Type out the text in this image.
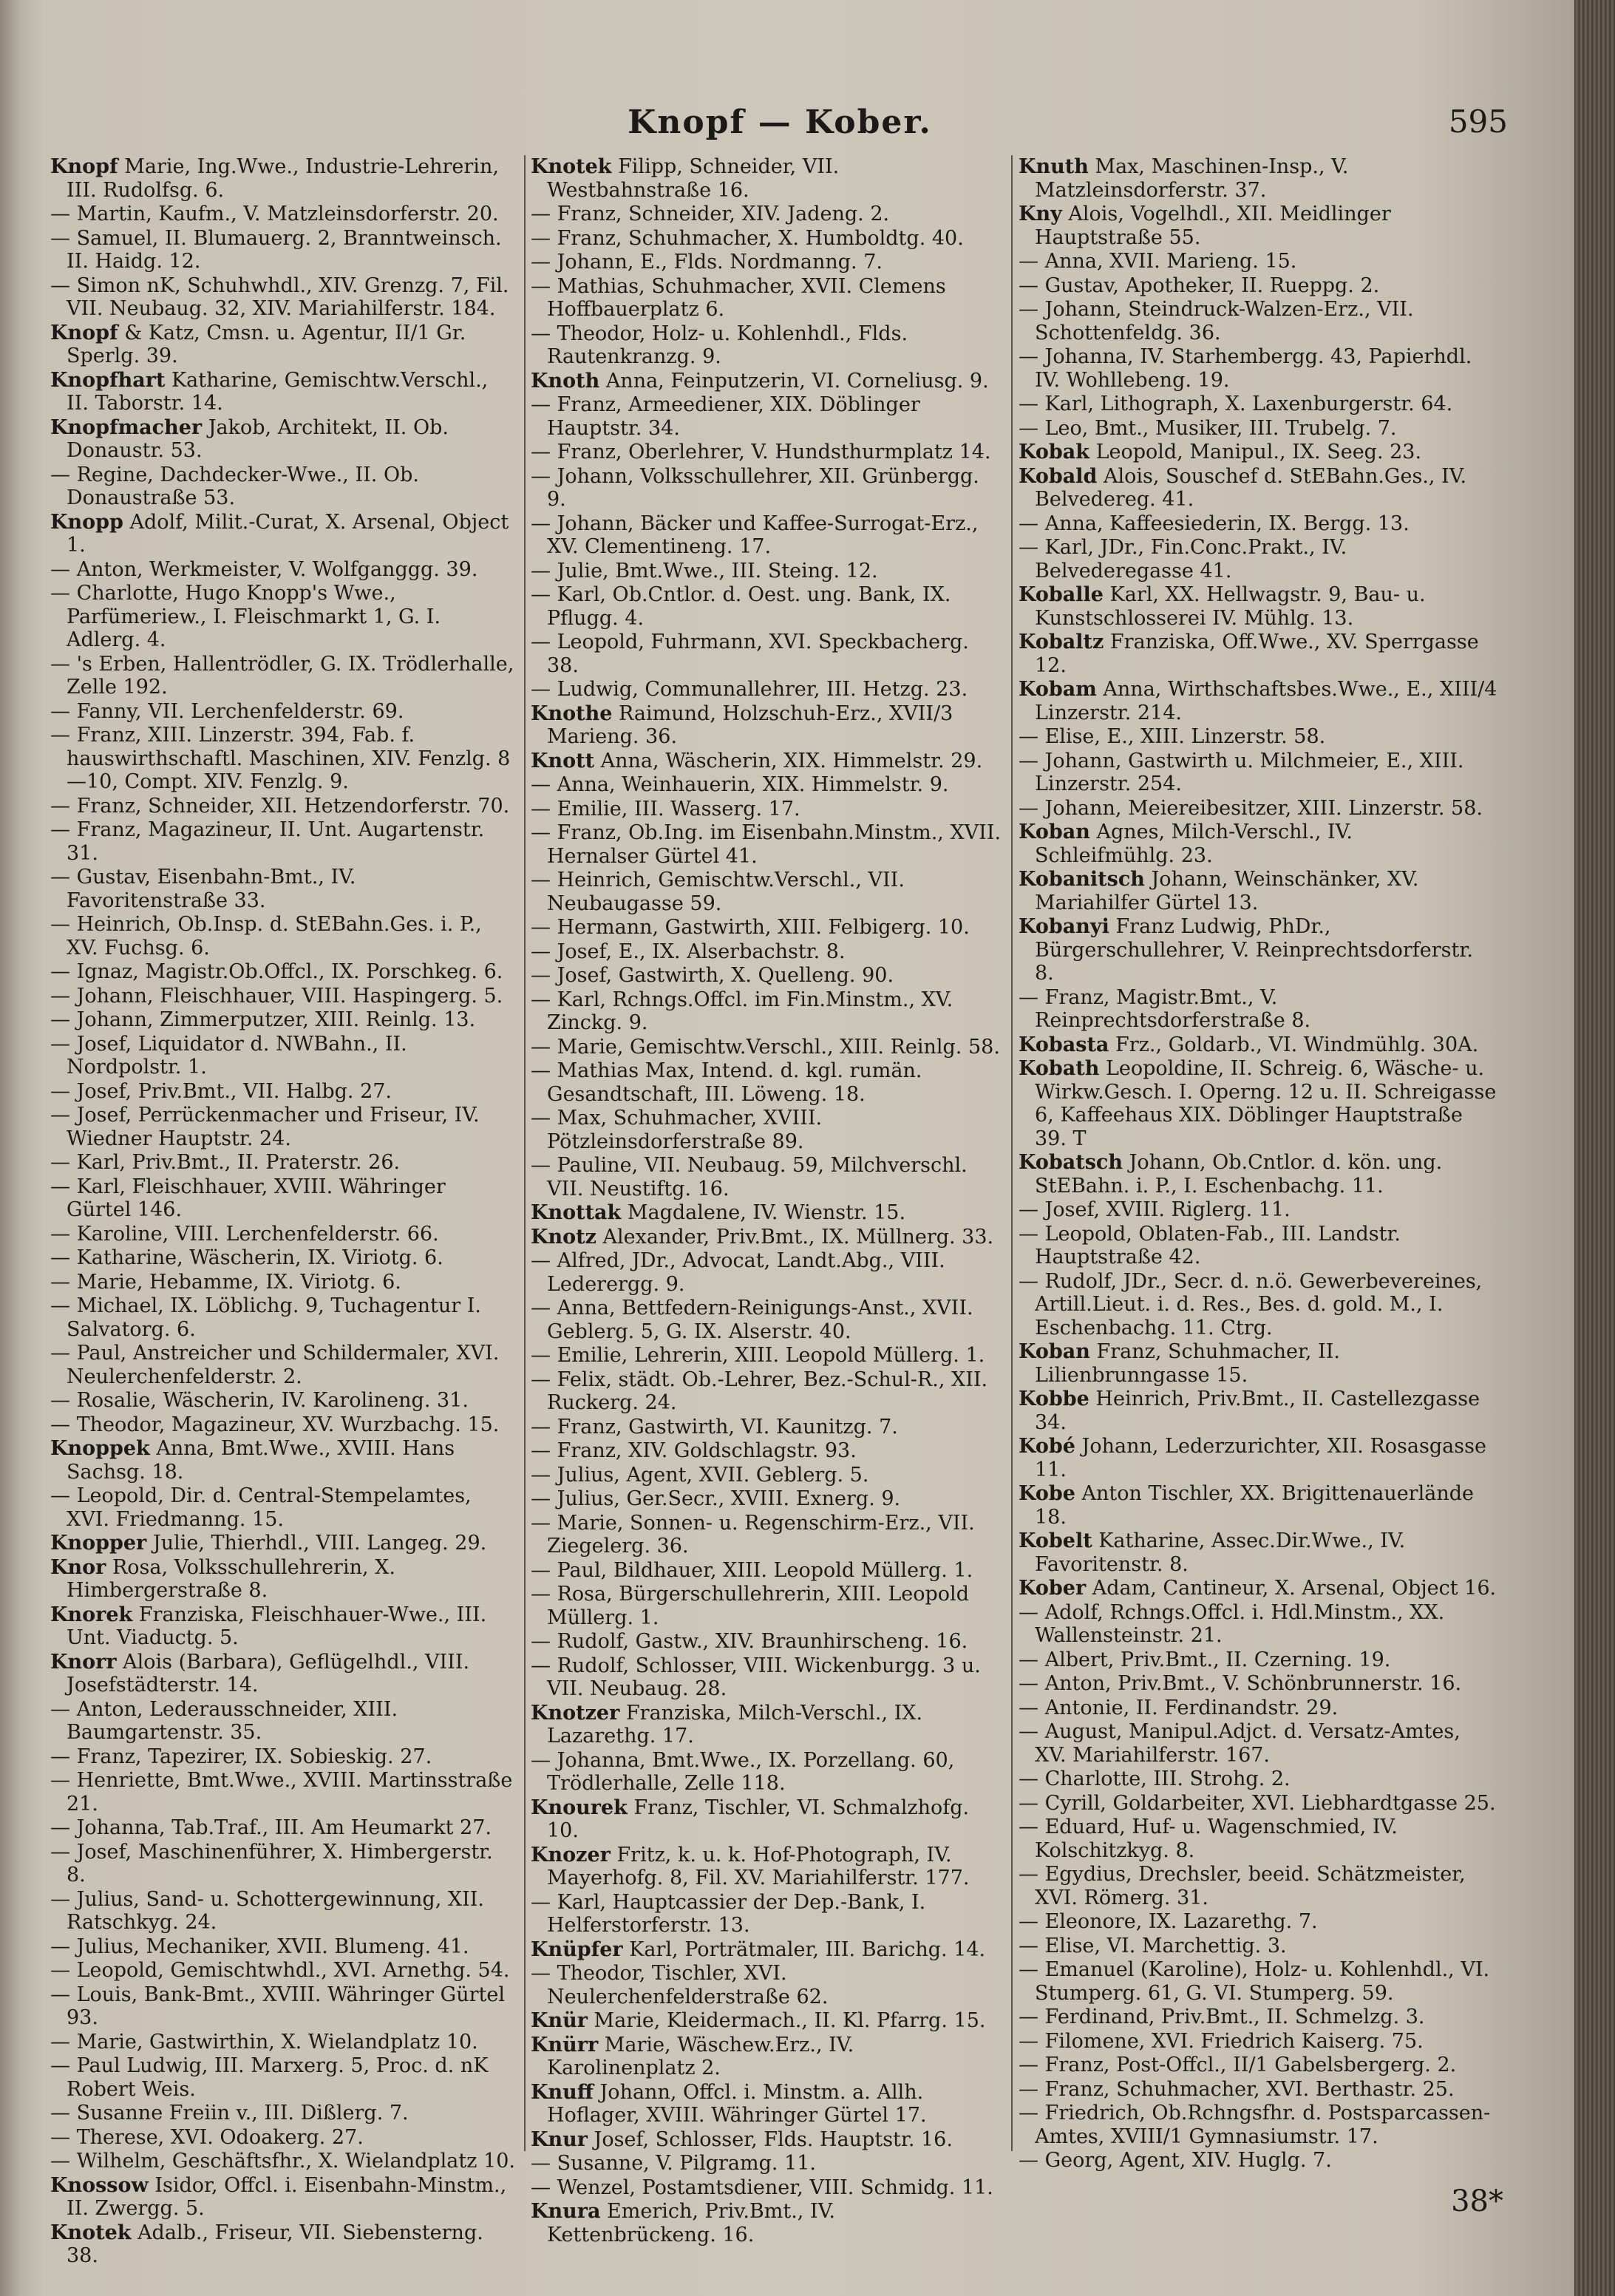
Knopf — Kober.	595
Knopf Marie, Ing.Wwe., Industrie-Lehrerin, III. Rudolfsg. 6.
— Martin, Kaufm., V. Matzleinsdorferstr. 20.
— Samuel, II. Blumauerg. 2, Branntweinsch. II. Haidg. 12.
— Simon nK, Schuhwhdl., XIV. Grenzg. 7, Fil. VII. Neubaug. 32, XIV. Mariahilferstr. 184.
Knopf & Katz, Cmsn. u. Agentur, II/1 Gr. Sperlg. 39.
Knopfhart Katharine, Gemischtw.Verschl., II. Taborstr. 14.
Knopfmacher Jakob, Architekt, II. Ob. Donaustr. 53.
— Regine, Dachdecker-Wwe., II. Ob. Donaustraße 53.
Knopp Adolf, Milit.-Curat, X. Arsenal, Object 1.
— Anton, Werkmeister, V. Wolfganggg. 39.
— Charlotte, Hugo Knopp's Wwe., Parfümeriew., I. Fleischmarkt 1, G. I. Adlerg. 4.
— 's Erben, Hallentrödler, G. IX. Trödlerhalle, Zelle 192.
— Fanny, VII. Lerchenfelderstr. 69.
— Franz, XIII. Linzerstr. 394, Fab. f. hauswirthschaftl. Maschinen, XIV. Fenzlg. 8—10, Compt. XIV. Fenzlg. 9.
— Franz, Schneider, XII. Hetzendorferstr. 70.
— Franz, Magazineur, II. Unt. Augartenstr. 31.
— Gustav, Eisenbahn-Bmt., IV. Favoritenstraße 33.
— Heinrich, Ob.Insp. d. StEBahn.Ges. i. P., XV. Fuchsg. 6.
— Ignaz, Magistr.Ob.Offcl., IX. Porschkeg. 6.
— Johann, Fleischhauer, VIII. Haspingerg. 5.
— Johann, Zimmerputzer, XIII. Reinlg. 13.
— Josef, Liquidator d. NWBahn., II. Nordpolstr. 1.
— Josef, Priv.Bmt., VII. Halbg. 27.
— Josef, Perrückenmacher und Friseur, IV. Wiedner Hauptstr. 24.
— Karl, Priv.Bmt., II. Praterstr. 26.
— Karl, Fleischhauer, XVIII. Währinger Gürtel 146.
— Karoline, VIII. Lerchenfelderstr. 66.
— Katharine, Wäscherin, IX. Viriotg. 6.
— Marie, Hebamme, IX. Viriotg. 6.
— Michael, IX. Löblichg. 9, Tuchagentur I. Salvatorg. 6.
— Paul, Anstreicher und Schildermaler, XVI. Neulerchenfelderstr. 2.
— Rosalie, Wäscherin, IV. Karolineng. 31.
— Theodor, Magazineur, XV. Wurzbachg. 15.
Knoppek Anna, Bmt.Wwe., XVIII. Hans Sachsg. 18.
— Leopold, Dir. d. Central-Stempelamtes, XVI. Friedmanng. 15.
Knopper Julie, Thierhdl., VIII. Langeg. 29.
Knor Rosa, Volksschullehrerin, X. Himbergerstraße 8.
Knorek Franziska, Fleischhauer-Wwe., III. Unt. Viaductg. 5.
Knorr Alois (Barbara), Geflügelhdl., VIII. Josefstädterstr. 14.
— Anton, Lederausschneider, XIII. Baumgartenstr. 35.
— Franz, Tapezirer, IX. Sobieskig. 27.
— Henriette, Bmt.Wwe., XVIII. Martinsstraße 21.
— Johanna, Tab.Traf., III. Am Heumarkt 27.
— Josef, Maschinenführer, X. Himbergerstr. 8.
— Julius, Sand- u. Schottergewinnung, XII. Ratschkyg. 24.
— Julius, Mechaniker, XVII. Blumeng. 41.
— Leopold, Gemischtwhdl., XVI. Arnethg. 54.
— Louis, Bank-Bmt., XVIII. Währinger Gürtel 93.
— Marie, Gastwirthin, X. Wielandplatz 10.
— Paul Ludwig, III. Marxerg. 5, Proc. d. nK Robert Weis.
— Susanne Freiin v., III. Dißlerg. 7.
— Therese, XVI. Odoakerg. 27.
— Wilhelm, Geschäftsfhr., X. Wielandplatz 10.
Knossow Isidor, Offcl. i. Eisenbahn-Minstm., II. Zwergg. 5.
Knotek Adalb., Friseur, VII. Siebensterng. 38.
Knotek Filipp, Schneider, VII. Westbahnstraße 16.
— Franz, Schneider, XIV. Jadeng. 2.
— Franz, Schuhmacher, X. Humboldtg. 40.
— Johann, E., Flds. Nordmanng. 7.
— Mathias, Schuhmacher, XVII. Clemens Hoffbauerplatz 6.
— Theodor, Holz- u. Kohlenhdl., Flds. Rautenkranzg. 9.
Knoth Anna, Feinputzerin, VI. Corneliusg. 9.
— Franz, Armeediener, XIX. Döblinger Hauptstr. 34.
— Franz, Oberlehrer, V. Hundsthurmplatz 14.
— Johann, Volksschullehrer, XII. Grünbergg. 9.
— Johann, Bäcker und Kaffee-Surrogat-Erz., XV. Clementineng. 17.
— Julie, Bmt.Wwe., III. Steing. 12.
— Karl, Ob.Cntlor. d. Oest. ung. Bank, IX. Pflugg. 4.
— Leopold, Fuhrmann, XVI. Speckbacherg. 38.
— Ludwig, Communallehrer, III. Hetzg. 23.
Knothe Raimund, Holzschuh-Erz., XVII/3 Marieng. 36.
Knott Anna, Wäscherin, XIX. Himmelstr. 29.
— Anna, Weinhauerin, XIX. Himmelstr. 9.
— Emilie, III. Wasserg. 17.
— Franz, Ob.Ing. im Eisenbahn.Minstm., XVII. Hernalser Gürtel 41.
— Heinrich, Gemischtw.Verschl., VII. Neubaugasse 59.
— Hermann, Gastwirth, XIII. Felbigerg. 10.
— Josef, E., IX. Alserbachstr. 8.
— Josef, Gastwirth, X. Quelleng. 90.
— Karl, Rchngs.Offcl. im Fin.Minstm., XV. Zinckg. 9.
— Marie, Gemischtw.Verschl., XIII. Reinlg. 58.
— Mathias Max, Intend. d. kgl. rumän. Gesandtschaft, III. Löweng. 18.
— Max, Schuhmacher, XVIII. Pötzleinsdorferstraße 89.
— Pauline, VII. Neubaug. 59, Milchverschl. VII. Neustiftg. 16.
Knottak Magdalene, IV. Wienstr. 15.
Knotz Alexander, Priv.Bmt., IX. Müllnerg. 33.
— Alfred, JDr., Advocat, Landt.Abg., VIII. Lederergg. 9.
— Anna, Bettfedern-Reinigungs-Anst., XVII. Geblerg. 5, G. IX. Alserstr. 40.
— Emilie, Lehrerin, XIII. Leopold Müllerg. 1.
— Felix, städt. Ob.-Lehrer, Bez.-Schul-R., XII. Ruckerg. 24.
— Franz, Gastwirth, VI. Kaunitzg. 7.
— Franz, XIV. Goldschlagstr. 93.
— Julius, Agent, XVII. Geblerg. 5.
— Julius, Ger.Secr., XVIII. Exnerg. 9.
— Marie, Sonnen- u. Regenschirm-Erz., VII. Ziegelerg. 36.
— Paul, Bildhauer, XIII. Leopold Müllerg. 1.
— Rosa, Bürgerschullehrerin, XIII. Leopold Müllerg. 1.
— Rudolf, Gastw., XIV. Braunhirscheng. 16.
— Rudolf, Schlosser, VIII. Wickenburgg. 3 u. VII. Neubaug. 28.
Knotzer Franziska, Milch-Verschl., IX. Lazarethg. 17.
— Johanna, Bmt.Wwe., IX. Porzellang. 60, Trödlerhalle, Zelle 118.
Knourek Franz, Tischler, VI. Schmalzhofg. 10.
Knozer Fritz, k. u. k. Hof-Photograph, IV. Mayerhofg. 8, Fil. XV. Mariahilferstr. 177.
— Karl, Hauptcassier der Dep.-Bank, I. Helferstorferstr. 13.
Knüpfer Karl, Porträtmaler, III. Barichg. 14.
— Theodor, Tischler, XVI. Neulerchenfelderstraße 62.
Knür Marie, Kleidermach., II. Kl. Pfarrg. 15.
Knürr Marie, Wäschew.Erz., IV. Karolinenplatz 2.
Knuff Johann, Offcl. i. Minstm. a. Allh. Hoflager, XVIII. Währinger Gürtel 17.
Knur Josef, Schlosser, Flds. Hauptstr. 16.
— Susanne, V. Pilgramg. 11.
— Wenzel, Postamtsdiener, VIII. Schmidg. 11.
Knura Emerich, Priv.Bmt., IV. Kettenbrückeng. 16.
Knuth Max, Maschinen-Insp., V. Matzleinsdorferstr. 37.
Kny Alois, Vogelhdl., XII. Meidlinger Hauptstraße 55.
— Anna, XVII. Marieng. 15.
— Gustav, Apotheker, II. Rueppg. 2.
— Johann, Steindruck-Walzen-Erz., VII. Schottenfeldg. 36.
— Johanna, IV. Starhembergg. 43, Papierhdl. IV. Wohllebeng. 19.
— Karl, Lithograph, X. Laxenburgerstr. 64.
— Leo, Bmt., Musiker, III. Trubelg. 7.
Kobak Leopold, Manipul., IX. Seeg. 23.
Kobald Alois, Souschef d. StEBahn.Ges., IV. Belvedereg. 41.
— Anna, Kaffeesiederin, IX. Bergg. 13.
— Karl, JDr., Fin.Conc.Prakt., IV. Belvederegasse 41.
Koballe Karl, XX. Hellwagstr. 9, Bau- u. Kunstschlosserei IV. Mühlg. 13.
Kobaltz Franziska, Off.Wwe., XV. Sperrgasse 12.
Kobam Anna, Wirthschaftsbes.Wwe., E., XIII/4 Linzerstr. 214.
— Elise, E., XIII. Linzerstr. 58.
— Johann, Gastwirth u. Milchmeier, E., XIII. Linzerstr. 254.
— Johann, Meiereibesitzer, XIII. Linzerstr. 58.
Koban Agnes, Milch-Verschl., IV. Schleifmühlg. 23.
Kobanitsch Johann, Weinschänker, XV. Mariahilfer Gürtel 13.
Kobanyi Franz Ludwig, PhDr., Bürgerschullehrer, V. Reinprechtsdorferstr. 8.
— Franz, Magistr.Bmt., V. Reinprechtsdorferstraße 8.
Kobasta Frz., Goldarb., VI. Windmühlg. 30A.
Kobath Leopoldine, II. Schreig. 6, Wäsche- u. Wirkw.Gesch. I. Operng. 12 u. II. Schreigasse 6, Kaffeehaus XIX. Döblinger Hauptstraße 39. T
Kobatsch Johann, Ob.Cntlor. d. kön. ung. StEBahn. i. P., I. Eschenbachg. 11.
— Josef, XVIII. Riglerg. 11.
— Leopold, Oblaten-Fab., III. Landstr. Hauptstraße 42.
— Rudolf, JDr., Secr. d. n.ö. Gewerbevereines, Artill.Lieut. i. d. Res., Bes. d. gold. M., I. Eschenbachg. 11. Ctrg.
Koban Franz, Schuhmacher, II. Lilienbrunngasse 15.
Kobbe Heinrich, Priv.Bmt., II. Castellezgasse 34.
Kobé Johann, Lederzurichter, XII. Rosasgasse 11.
Kobe Anton Tischler, XX. Brigittenauerlände 18.
Kobelt Katharine, Assec.Dir.Wwe., IV. Favoritenstr. 8.
Kober Adam, Cantineur, X. Arsenal, Object 16.
— Adolf, Rchngs.Offcl. i. Hdl.Minstm., XX. Wallensteinstr. 21.
— Albert, Priv.Bmt., II. Czerning. 19.
— Anton, Priv.Bmt., V. Schönbrunnerstr. 16.
— Antonie, II. Ferdinandstr. 29.
— August, Manipul.Adjct. d. Versatz-Amtes, XV. Mariahilferstr. 167.
— Charlotte, III. Strohg. 2.
— Cyrill, Goldarbeiter, XVI. Liebhardtgasse 25.
— Eduard, Huf- u. Wagenschmied, IV. Kolschitzkyg. 8.
— Egydius, Drechsler, beeid. Schätzmeister, XVI. Römerg. 31.
— Eleonore, IX. Lazarethg. 7.
— Elise, VI. Marchettig. 3.
— Emanuel (Karoline), Holz- u. Kohlenhdl., VI. Stumperg. 61, G. VI. Stumperg. 59.
— Ferdinand, Priv.Bmt., II. Schmelzg. 3.
— Filomene, XVI. Friedrich Kaiserg. 75.
— Franz, Post-Offcl., II/1 Gabelsbergerg. 2.
— Franz, Schuhmacher, XVI. Berthastr. 25.
— Friedrich, Ob.Rchngsfhr. d. Postsparcassen-Amtes, XVIII/1 Gymnasiumstr. 17.
— Georg, Agent, XIV. Huglg. 7.
38*
